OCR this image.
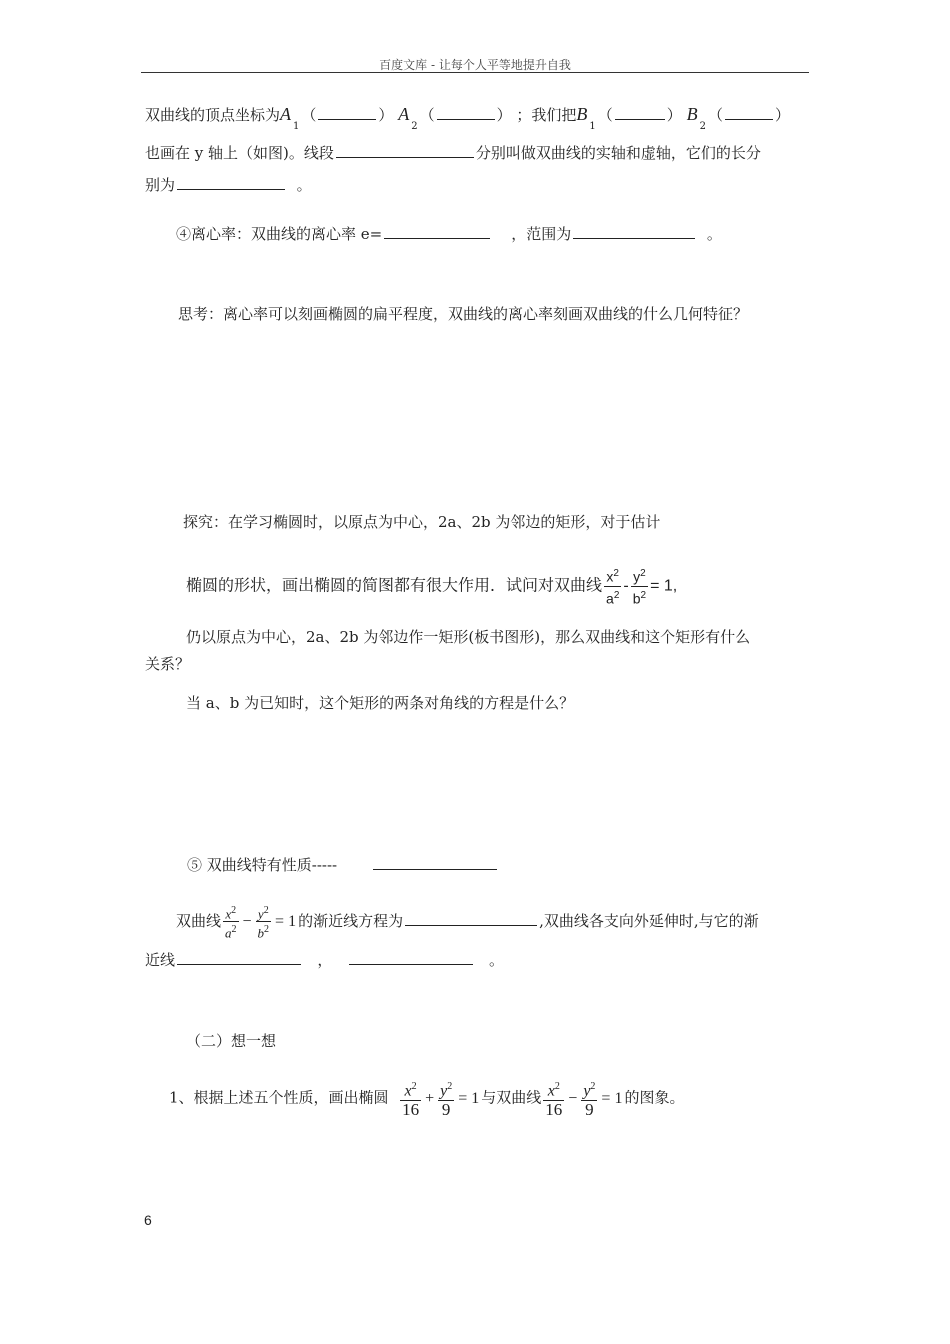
百度文库 - 让每个人平等地提升自我
双曲线的顶点坐标为$A_1$（	） $A_2$（	） ；我们把$B_1$（	） $B_2$（	）
也画在 y 轴上（如图)。线段	分别叫做双曲线的实轴和虚轴，它们的长分
别为	。
④离心率：双曲线的离心率 e=	，范围为	。
思考：离心率可以刻画椭圆的扁平程度，双曲线的离心率刻画双曲线的什么几何特征？
探究：在学习椭圆时，以原点为中心，2a、2b 为邻边的矩形，对于估计
椭圆的形状，画出椭圆的简图都有很大作用．试问对双曲线 $\frac{x^2}{a^2} - \frac{y^2}{b^2} = 1$,
仍以原点为中心，2a、2b 为邻边作一矩形(板书图形)，那么双曲线和这个矩形有什么
关系？
当 a、b 为已知时，这个矩形的两条对角线的方程是什么？
⑤ 双曲线特有性质-----
双曲线 $\frac{x^2}{a^2} - \frac{y^2}{b^2} = 1$ 的渐近线方程为	,双曲线各支向外延伸时,与它的渐
近线	，	。
（二）想一想
1、根据上述五个性质，画出椭圆 $\frac{x^2}{16} + \frac{y^2}{9} = 1$ 与双曲线 $\frac{x^2}{16} - \frac{y^2}{9} = 1$ 的图象。
6
